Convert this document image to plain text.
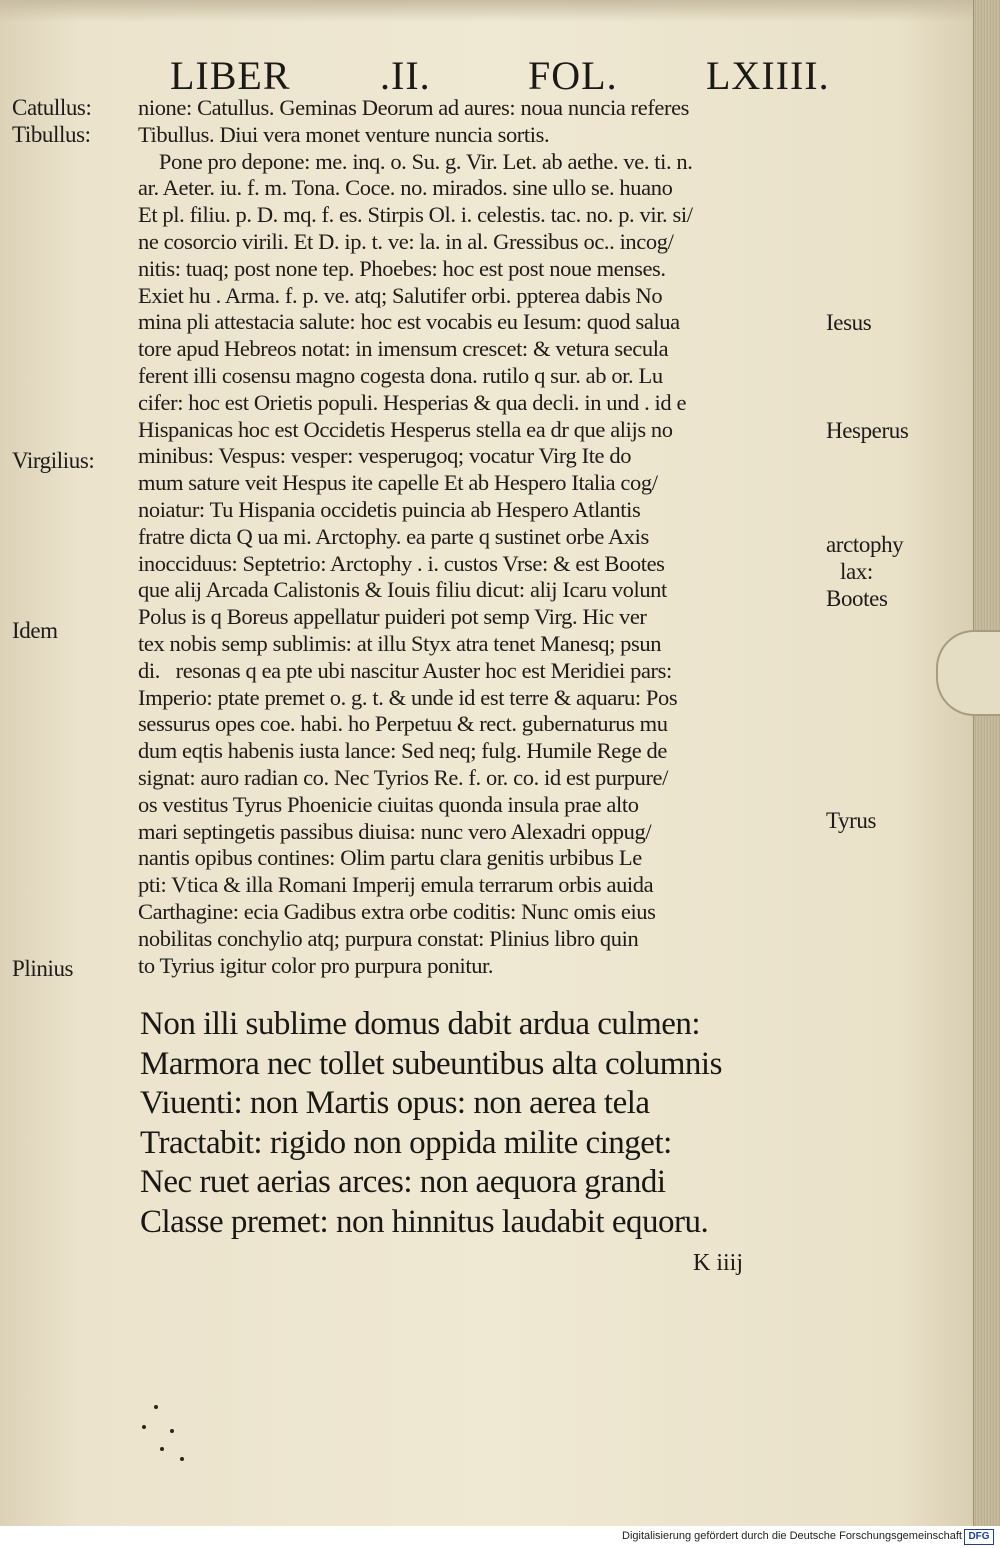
LIBER .II. FOL. LXIIII.
nione: Catullus. Geminas Deorum ad aures: noua nuncia referes
Tibullus. Diui vera monet venture nuncia sortis.
Pone pro depone: me. inq. o. Su. g. Vir. Let. ab aethe. ve. ti. n.
ar. Aeter. iu. f. m. Tona. Coce. no. mirados. sine ullo se. huano
Et pl. filiu. p. D. mq. f. es. Stirpis Ol. i. celestis. tac. no. p. vir. si/
ne cosorcio virili. Et D. ip. t. ve: la. in al. Gressibus oc.. incog/
nitis: tuaq; post none tep. Phoebes: hoc est post noue menses.
Exiet hu . Arma. f. p. ve. atq; Salutifer orbi. ppterea dabis No
mina pli attestacia salute: hoc est vocabis eu Iesum: quod salua
tore apud Hebreos notat: in imensum crescet: & vetura secula
ferent illi cosensu magno cogesta dona. rutilo q sur. ab or. Lu
cifer: hoc est Orietis populi. Hesperias & qua decli. in und . id e
Hispanicas hoc est Occidetis Hesperus stella ea dr que alijs no
minibus: Vespus: vesper: vesperugoq; vocatur Virg Ite do
mum sature veit Hespus ite capelle Et ab Hespero Italia cog/
noiatur: Tu Hispania occidetis puincia ab Hespero Atlantis
fratre dicta Q ua mi. Arctophy. ea parte q sustinet orbe Axis
inocciduus: Septetrio: Arctophy . i. custos Vrse: & est Bootes
que alij Arcada Calistonis & Iouis filiu dicut: alij Icaru volunt
Polus is q Boreus appellatur puideri pot semp Virg. Hic ver
tex nobis semp sublimis: at illu Styx atra tenet Manesq; psun
di.   resonas q ea pte ubi nascitur Auster hoc est Meridiei pars:
Imperio: ptate premet o. g. t. & unde id est terre & aquaru: Pos
sessurus opes coe. habi. ho Perpetuu & rect. gubernaturus mu
dum eqtis habenis iusta lance: Sed neq; fulg. Humile Rege de
signat: auro radian co. Nec Tyrios Re. f. or. co. id est purpure/
os vestitus Tyrus Phoenicie ciuitas quonda insula prae alto
mari septingetis passibus diuisa: nunc vero Alexadri oppug/
nantis opibus contines: Olim partu clara genitis urbibus Le
pti: Vtica & illa Romani Imperij emula terrarum orbis auida
Carthagine: ecia Gadibus extra orbe coditis: Nunc omis eius
nobilitas conchylio atq; purpura constat: Plinius libro quin
to Tyrius igitur color pro purpura ponitur.
Non illi sublime domus dabit ardua culmen:
Marmora nec tollet subeuntibus alta columnis
Viuenti: non Martis opus: non aerea tela
Tractabit: rigido non oppida milite cinget:
Nec ruet aerias arces: non aequora grandi
Classe premet: non hinnitus laudabit equoru.
K iiij
Catullus:
Tibullus:
Virgilius:
Idem
Plinius
Iesus
Hesperus
arctophy
lax:
Bootes
Tyrus
Digitalisierung gefördert durch die Deutsche Forschungsgemeinschaft DFG
